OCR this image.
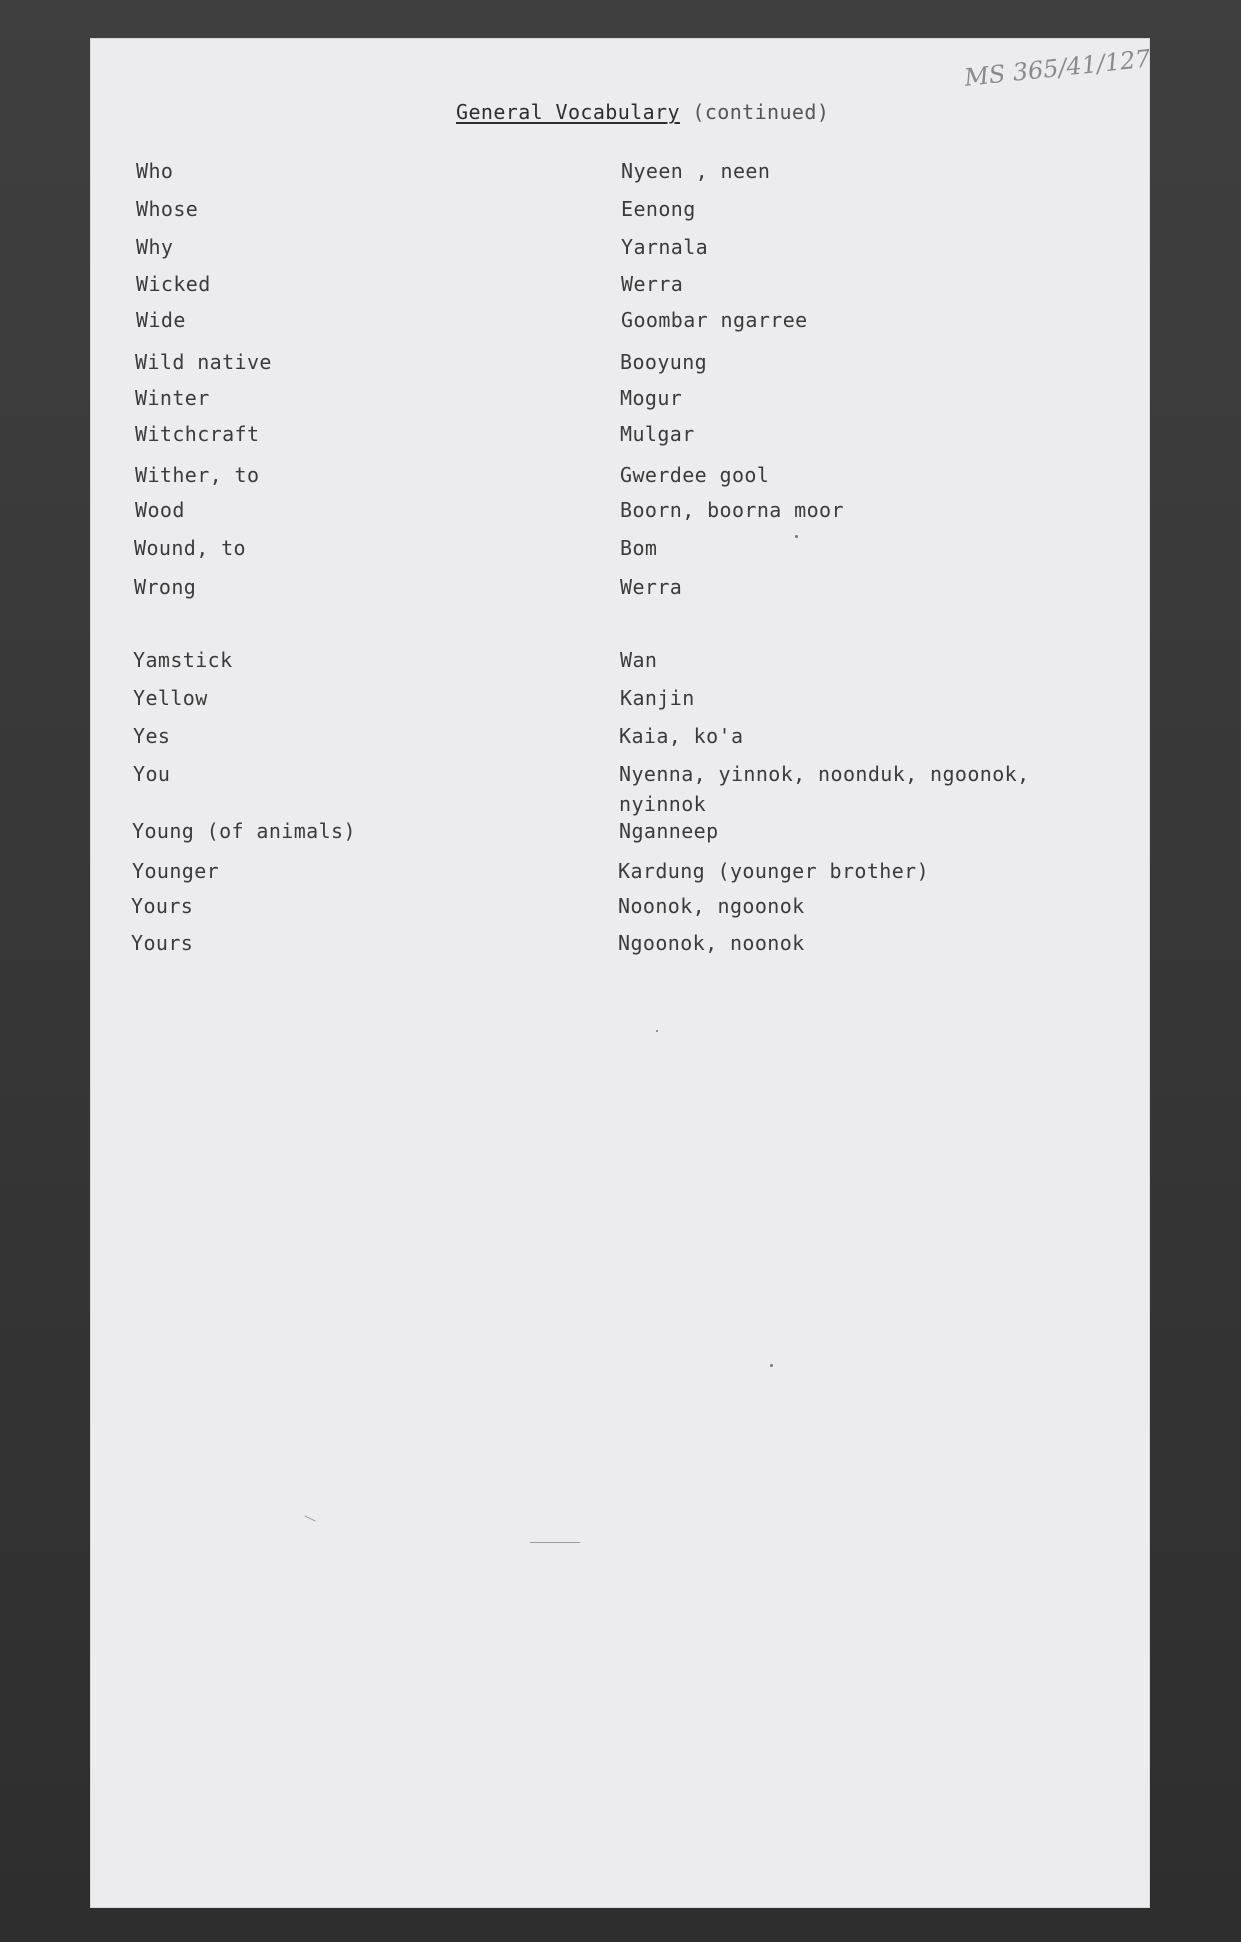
MS 365/41/127
General Vocabulary (continued)
Who	Nyeen , neen
Whose	Eenong
Why	Yarnala
Wicked	Werra
Wide	Goombar ngarree
Wild native	Booyung
Winter	Mogur
Witchcraft	Mulgar
Wither, to	Gwerdee gool
Wood	Boorn, boorna moor
Wound, to	Bom
Wrong	Werra
Yamstick	Wan
Yellow	Kanjin
Yes	Kaia, ko'a
You	Nyenna, yinnok, noonduk, ngoonok,
nyinnok
Young (of animals)	Nganneep
Younger	Kardung (younger brother)
Yours	Noonok, ngoonok
Yours	Ngoonok, noonok
